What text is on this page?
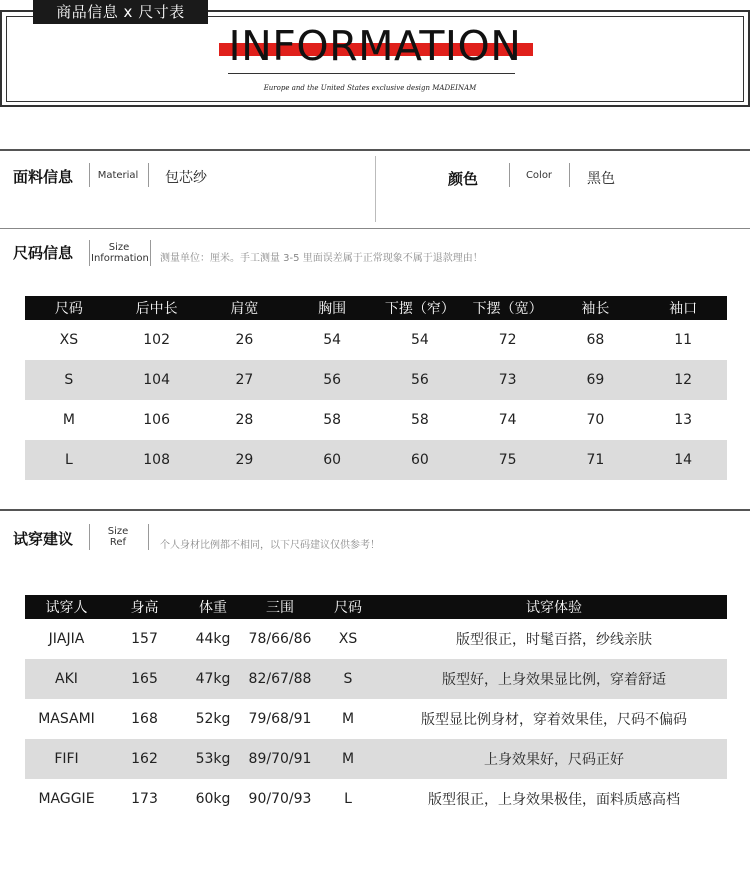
商品信息 x 尺寸表
INFORMATION
Europe and the United States exclusive design MADEINAM
面料信息	Material 包芯纱	颜色	Color	黑色
尺码信息	Size
Information 测量单位：厘米。手工测量 3-5 里面误差属于正常现象不属于退款理由！
尺码	后中长	肩宽	胸围	下摆（窄）	下摆（宽）	袖长	袖口
XS	102	26	54	54	72	68	11
S	104	27	56	56	73	69	12
M	106	28	58	58	74	70	13
L	108	29	60	60	75	71	14
试穿建议	Size
Ref	个人身材比例都不相同，以下尺码建议仅供参考！
试穿人	身高	体重	三围	尺码	试穿体验
JIAJIA	157	44kg	78/66/86	XS	版型很正，时髦百搭，纱线亲肤
AKI	165	47kg	82/67/88	S	版型好，上身效果显比例，穿着舒适
MASAMI	168	52kg	79/68/91	M	版型显比例身材，穿着效果佳，尺码不偏码
FIFI	162	53kg	89/70/91	M	上身效果好，尺码正好
MAGGIE	173	60kg	90/70/93	L	版型很正，上身效果极佳，面料质感高档
